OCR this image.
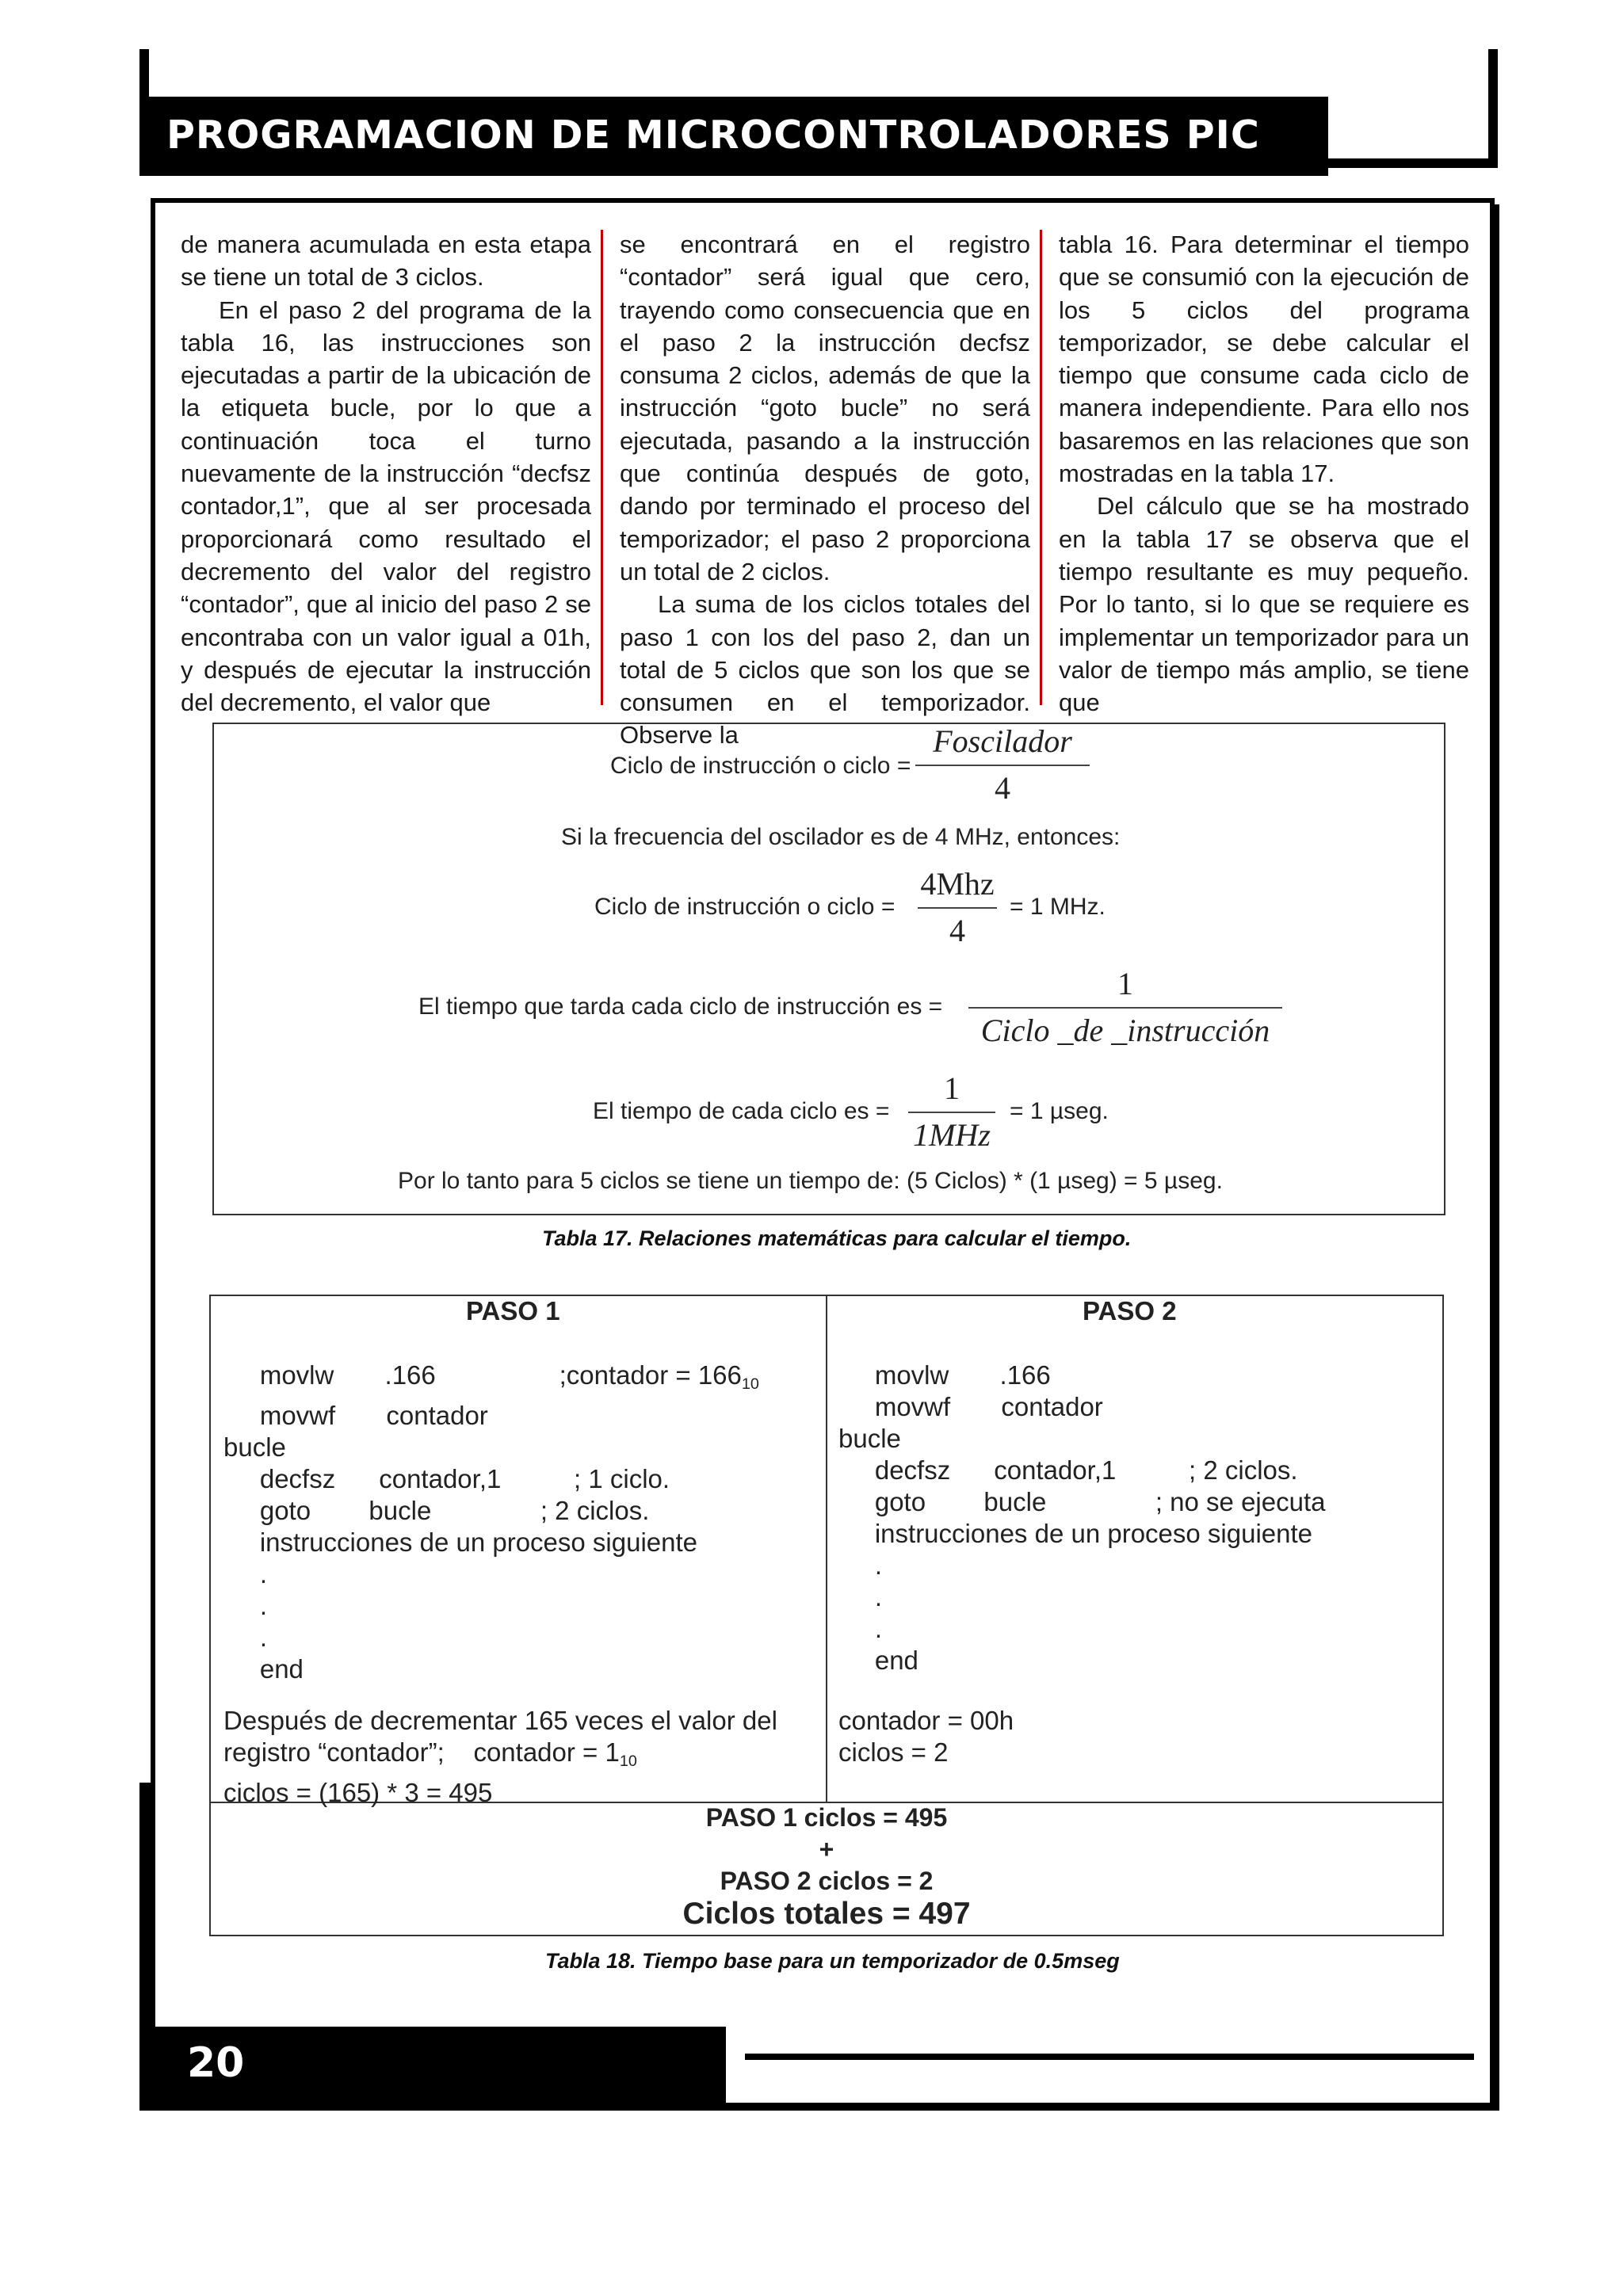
PROGRAMACION DE MICROCONTROLADORES PIC

de manera acumulada en esta etapa se tiene un total de 3 ciclos.

En el paso 2 del programa de la tabla 16, las instrucciones son ejecutadas a partir de la ubicación de la etiqueta bucle, por lo que a continuación toca el turno nuevamente de la instrucción “decfsz contador,1”, que al ser procesada proporcionará como resultado el decremento del valor del registro “contador”, que al inicio del paso 2 se encontraba con un valor igual a 01h, y después de ejecutar la instrucción del decremento, el valor que

se encontrará en el registro “contador” será igual que cero, trayendo como consecuencia que en el paso 2 la instrucción decfsz consuma 2 ciclos, además de que la instrucción “goto bucle” no será ejecutada, pasando a la instrucción que continúa después de goto, dando por terminado el proceso del temporizador; el paso 2 proporciona un total de 2 ciclos.

La suma de los ciclos totales del paso 1 con los del paso 2, dan un total de 5 ciclos que son los que se consumen en el temporizador. Observe la

tabla 16. Para determinar el tiempo que se consumió con la ejecución de los 5 ciclos del programa temporizador, se debe calcular el tiempo que consume cada ciclo de manera independiente. Para ello nos basaremos en las relaciones que son mostradas en la tabla 17.

Del cálculo que se ha mostrado en la tabla 17 se observa que el tiempo resultante es muy pequeño. Por lo tanto, si lo que se requiere es implementar un temporizador para un valor de tiempo más amplio, se tiene que

Ciclo de instrucción o ciclo =
Foscilador
4
Si la frecuencia del oscilador es de 4 MHz, entonces:
Ciclo de instrucción o ciclo =
4Mhz
4
= 1 MHz.
El tiempo que tarda cada ciclo de instrucción es =
1
Ciclo _de _instrucción
El tiempo de cada ciclo es =
1
1MHz
= 1 µseg.
Por lo tanto para 5 ciclos se tiene un tiempo de: (5 Ciclos) * (1 µseg) = 5 µseg.
Tabla 17. Relaciones matemáticas para calcular el tiempo.
PASO 1	PASO 2
movlw       .166                 ;contador = $166_{10}$
movwf       contador
bucle
decfsz      contador,1          ; 1 ciclo.
goto        bucle               ; 2 ciclos.
instrucciones de un proceso siguiente
.
.
.
end
movlw       .166
movwf       contador
bucle
decfsz      contador,1          ; 2 ciclos.
goto        bucle               ; no se ejecuta
instrucciones de un proceso siguiente
.
.
.
end
Después de decrementar 165 veces el valor del
registro “contador”;    contador = $1_{10}$
ciclos = (165) * 3 = 495
contador = 00h
ciclos = 2
PASO 1 ciclos = 495
+
PASO 2 ciclos = 2
Ciclos totales = 497
Tabla 18. Tiempo base para un temporizador de 0.5mseg
20
